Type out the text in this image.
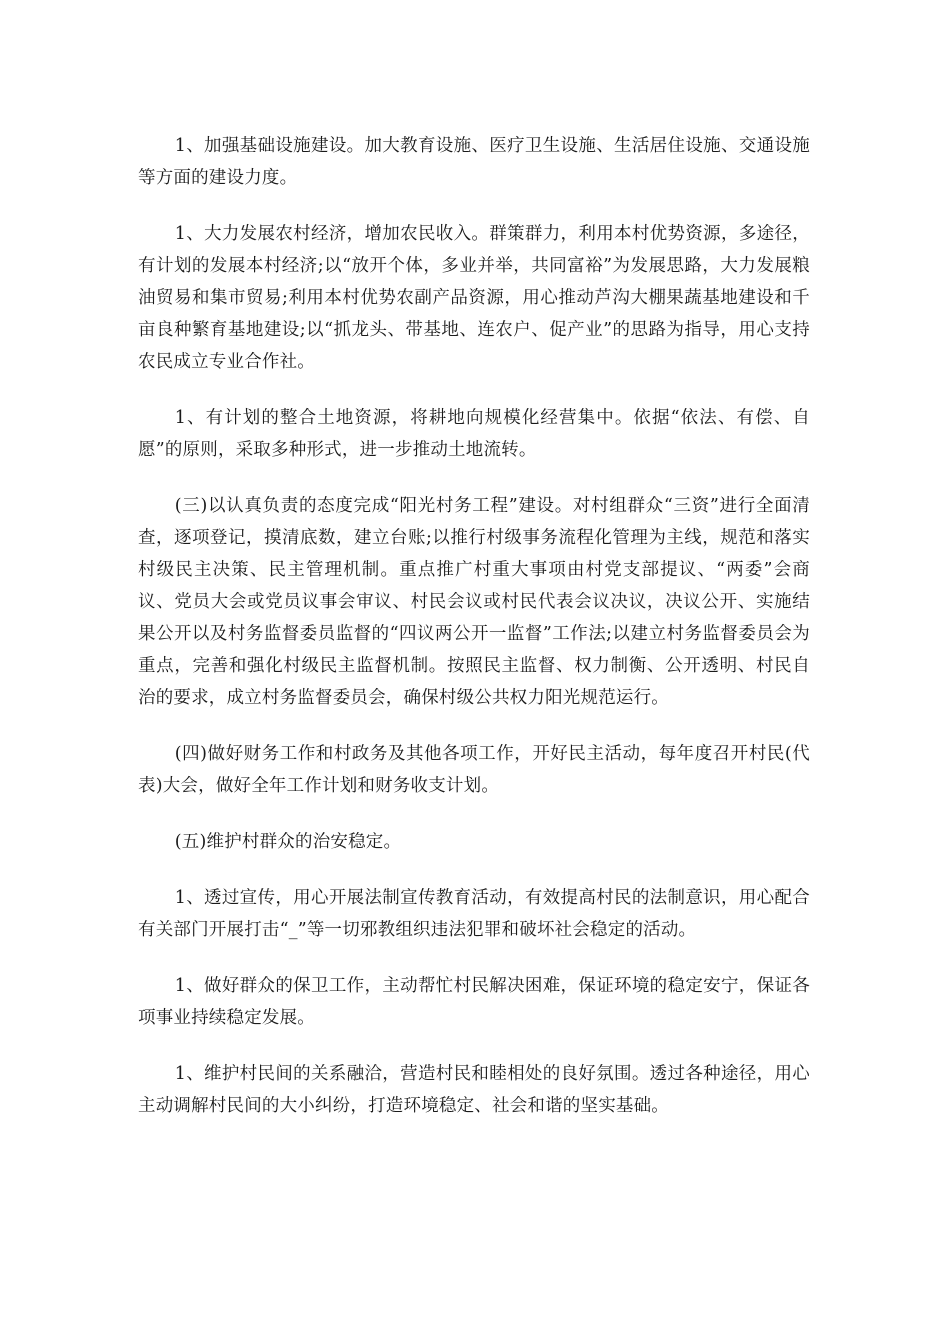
1、加强基础设施建设。加大教育设施、医疗卫生设施、生活居住设施、交通设施等方面的建设力度。

1、大力发展农村经济，增加农民收入。群策群力，利用本村优势资源，多途径，有计划的发展本村经济;以“放开个体，多业并举，共同富裕”为发展思路，大力发展粮油贸易和集市贸易;利用本村优势农副产品资源，用心推动芦沟大棚果蔬基地建设和千亩良种繁育基地建设;以“抓龙头、带基地、连农户、促产业”的思路为指导，用心支持农民成立专业合作社。

1、有计划的整合土地资源，将耕地向规模化经营集中。依据“依法、有偿、自愿”的原则，采取多种形式，进一步推动土地流转。

(三)以认真负责的态度完成“阳光村务工程”建设。对村组群众“三资”进行全面清查，逐项登记，摸清底数，建立台账;以推行村级事务流程化管理为主线，规范和落实村级民主决策、民主管理机制。重点推广村重大事项由村党支部提议、“两委”会商议、党员大会或党员议事会审议、村民会议或村民代表会议决议，决议公开、实施结果公开以及村务监督委员监督的“四议两公开一监督”工作法;以建立村务监督委员会为重点，完善和强化村级民主监督机制。按照民主监督、权力制衡、公开透明、村民自治的要求，成立村务监督委员会，确保村级公共权力阳光规范运行。

(四)做好财务工作和村政务及其他各项工作，开好民主活动，每年度召开村民(代表)大会，做好全年工作计划和财务收支计划。

(五)维护村群众的治安稳定。

1、透过宣传，用心开展法制宣传教育活动，有效提高村民的法制意识，用心配合有关部门开展打击“_”等一切邪教组织违法犯罪和破坏社会稳定的活动。

1、做好群众的保卫工作，主动帮忙村民解决困难，保证环境的稳定安宁，保证各项事业持续稳定发展。

1、维护村民间的关系融洽，营造村民和睦相处的良好氛围。透过各种途径，用心主动调解村民间的大小纠纷，打造环境稳定、社会和谐的坚实基础。
